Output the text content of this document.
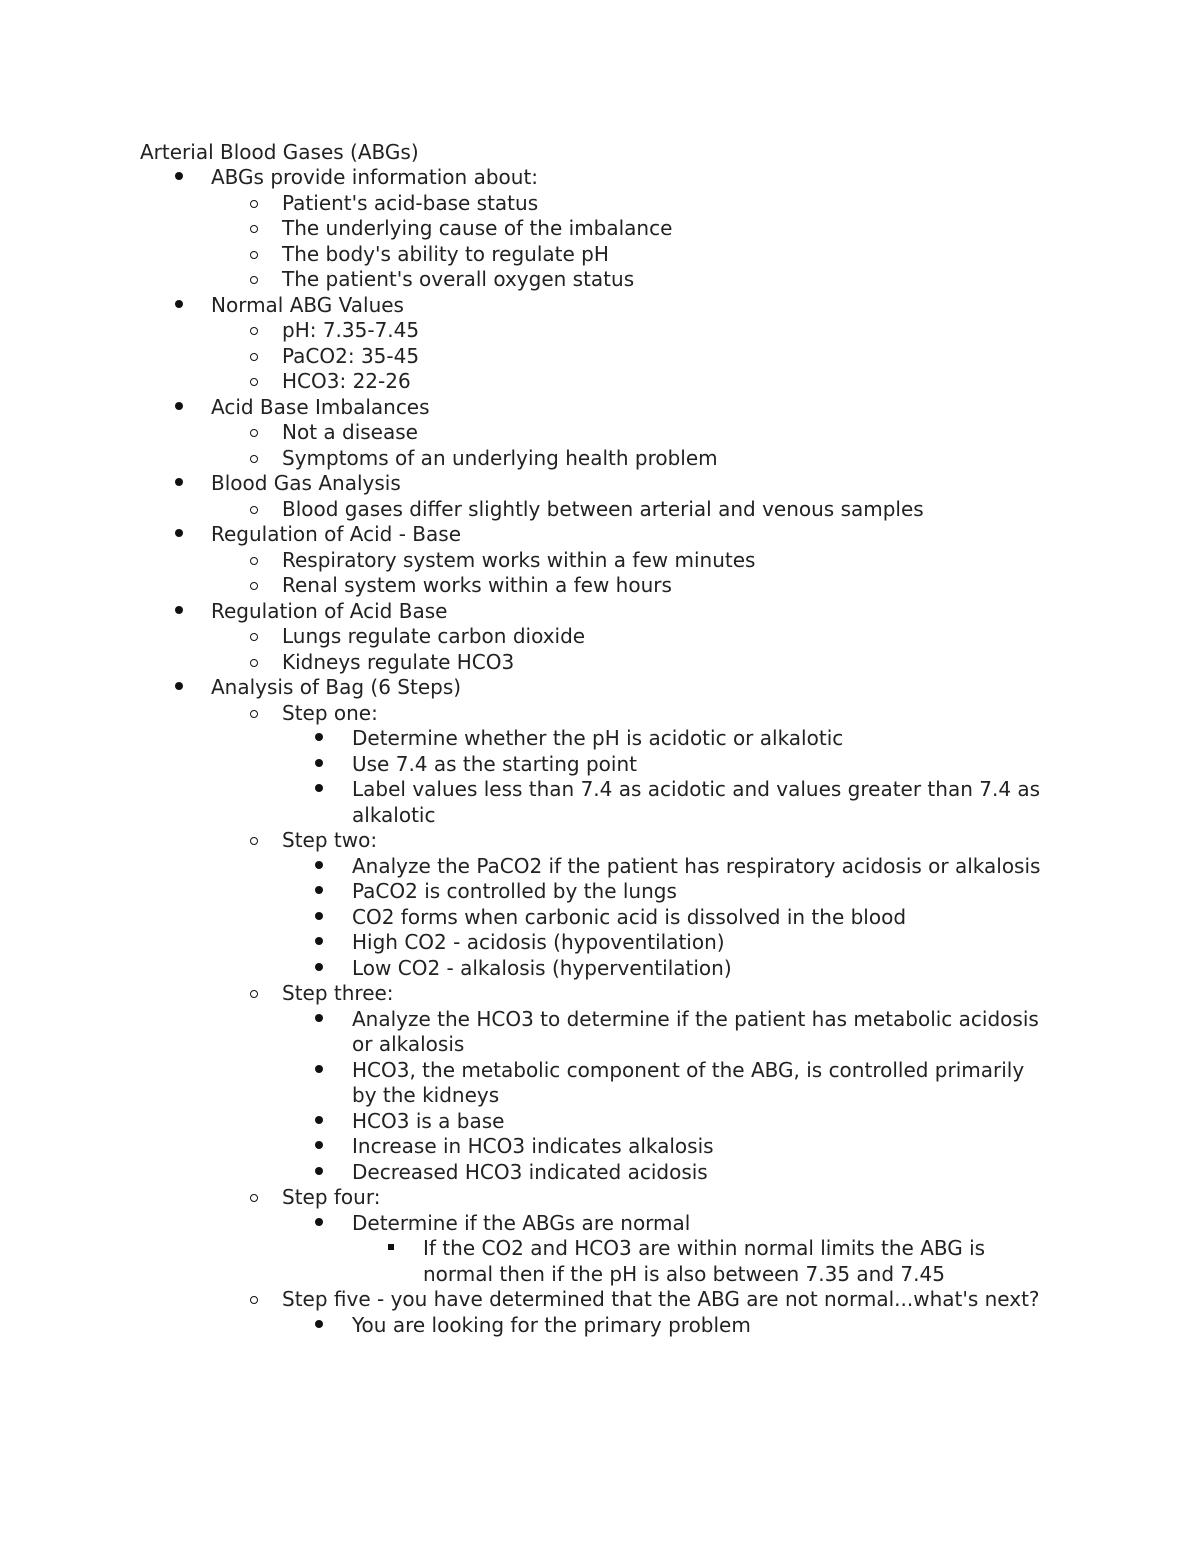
Arterial Blood Gases (ABGs)
ABGs provide information about:
Patient's acid-base status
The underlying cause of the imbalance
The body's ability to regulate pH
The patient's overall oxygen status
Normal ABG Values
pH: 7.35-7.45
PaCO2: 35-45
HCO3: 22-26
Acid Base Imbalances
Not a disease
Symptoms of an underlying health problem
Blood Gas Analysis
Blood gases differ slightly between arterial and venous samples
Regulation of Acid - Base
Respiratory system works within a few minutes
Renal system works within a few hours
Regulation of Acid Base
Lungs regulate carbon dioxide
Kidneys regulate HCO3
Analysis of Bag (6 Steps)
Step one:
Determine whether the pH is acidotic or alkalotic
Use 7.4 as the starting point
Label values less than 7.4 as acidotic and values greater than 7.4 as alkalotic
Step two:
Analyze the PaCO2 if the patient has respiratory acidosis or alkalosis
PaCO2 is controlled by the lungs
CO2 forms when carbonic acid is dissolved in the blood
High CO2 - acidosis (hypoventilation)
Low CO2 - alkalosis (hyperventilation)
Step three:
Analyze the HCO3 to determine if the patient has metabolic acidosis or alkalosis
HCO3, the metabolic component of the ABG, is controlled primarily by the kidneys
HCO3 is a base
Increase in HCO3 indicates alkalosis
Decreased HCO3 indicated acidosis
Step four:
Determine if the ABGs are normal
If the CO2 and HCO3 are within normal limits the ABG is normal then if the pH is also between 7.35 and 7.45
Step five - you have determined that the ABG are not normal...what's next?
You are looking for the primary problem
